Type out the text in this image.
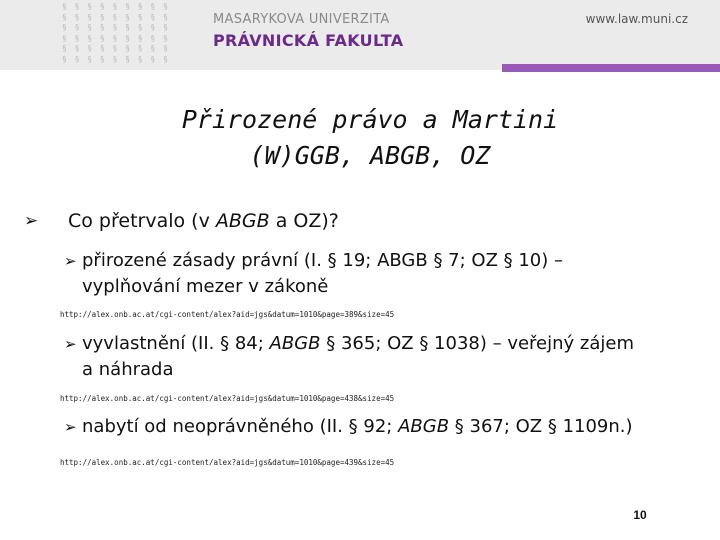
§ § § § § § § § §
§ § § § § § § § §
§ § § § § § § § §
§ § § § § § § § §
§ § § § § § § § §
§ § § § § § § § §
MASARYKOVA UNIVERZITA
PRÁVNICKÁ FAKULTA
www.law.muni.cz
Přirozené právo a Martini
(W)GGB, ABGB, OZ
➢ Co přetrvalo (v ABGB a OZ)?
➢ přirozené zásady právní (I. § 19; ABGB § 7; OZ § 10) –
vyplňování mezer v zákoně
http://alex.onb.ac.at/cgi-content/alex?aid=jgs&datum=1010&page=389&size=45
➢ vyvlastnění (II. § 84; ABGB § 365; OZ § 1038) – veřejný zájem
a náhrada
http://alex.onb.ac.at/cgi-content/alex?aid=jgs&datum=1010&page=438&size=45
➢ nabytí od neoprávněného (II. § 92; ABGB § 367; OZ § 1109n.)
http://alex.onb.ac.at/cgi-content/alex?aid=jgs&datum=1010&page=439&size=45
10
